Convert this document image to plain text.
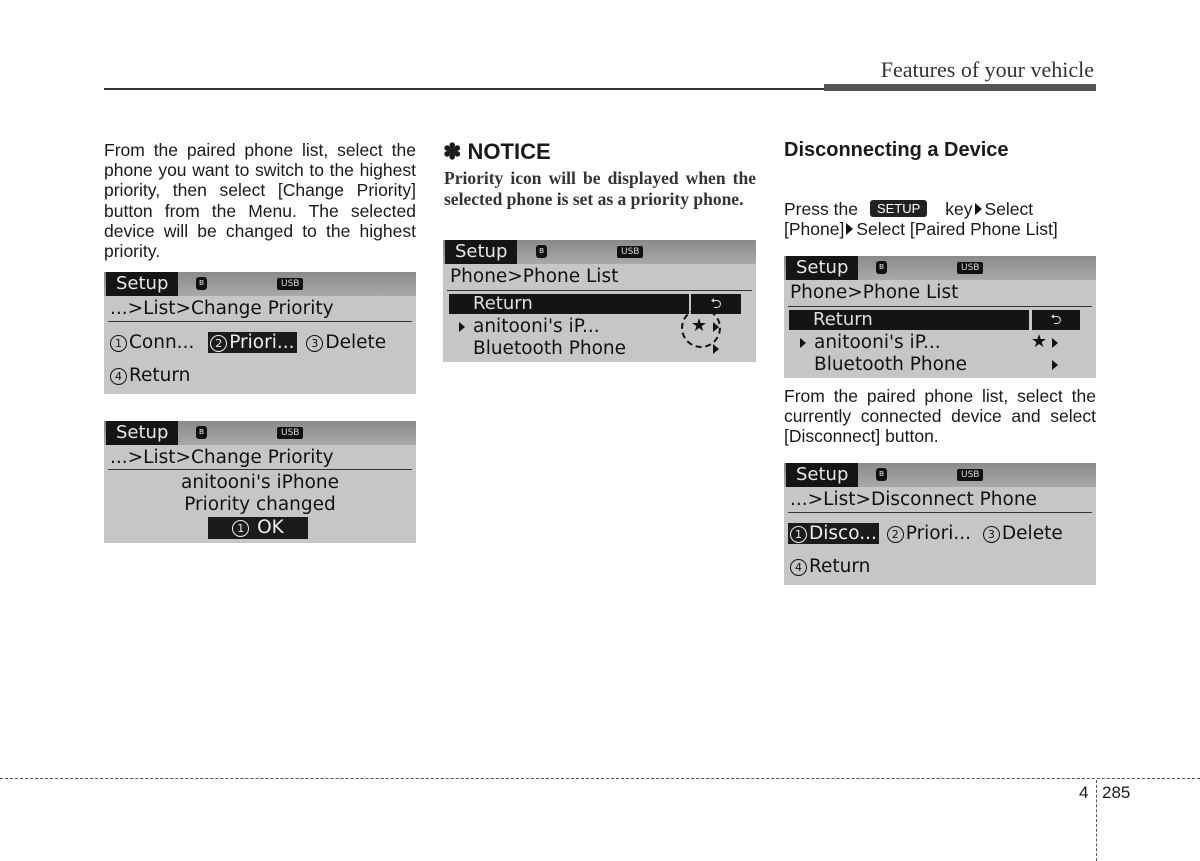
Features of your vehicle
From the paired phone list, select the phone you want to switch to the highest priority, then select [Change Priority] button from the Menu. The selected device will be changed to the highest priority.
Setup	ʙ	USB
...>List>Change Priority
1 Conn... 2 Priori... 3 Delete
4 Return
Setup	ʙ	USB
...>List>Change Priority
anitooni's iPhone
Priority changed
1 OK
✽ NOTICE
Priority icon will be displayed when the selected phone is set as a priority phone.
Setup	ʙ	USB
Phone>Phone List
Return	⮌
anitooni's iP...	★
Bluetooth Phone
Disconnecting a Device
Press the SETUP key Select
[Phone] Select [Paired Phone List]
Setup	ʙ	USB
Phone>Phone List
Return	⮌
anitooni's iP...	★
Bluetooth Phone
From the paired phone list, select the currently connected device and select [Disconnect] button.
Setup	ʙ	USB
...>List>Disconnect Phone
1 Disco... 2 Priori... 3 Delete
4 Return
4 285
